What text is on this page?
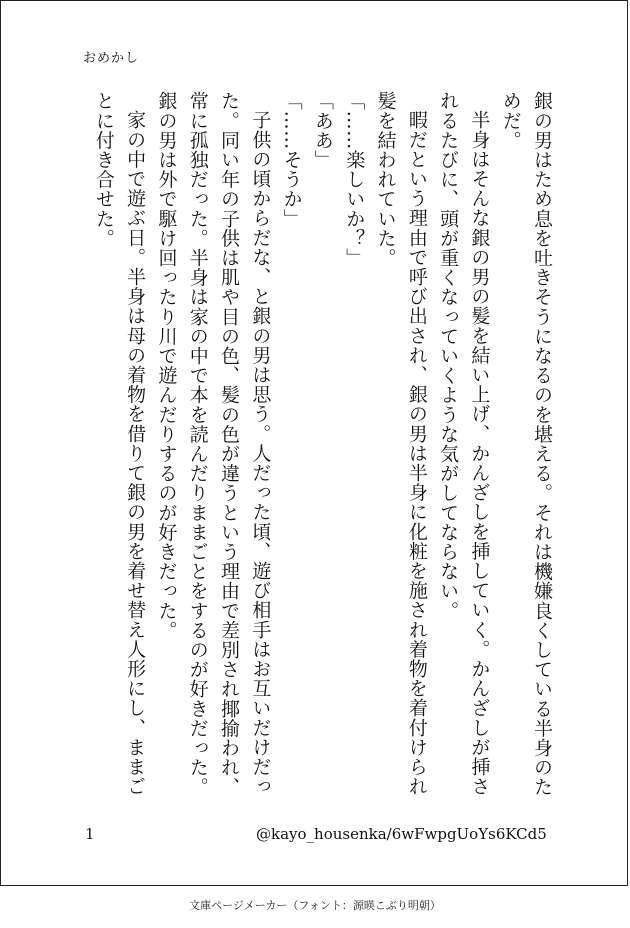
おめかし

銀の男はため息を吐きそうになるのを堪える。それは機嫌良くしている半身のためだ。

半身はそんな銀の男の髪を結い上げ、かんざしを挿していく。かんざしが挿されるたびに、頭が重くなっていくような気がしてならない。

暇だという理由で呼び出され、銀の男は半身に化粧を施され着物を着付けられ髪を結われていた。

「……楽しいか？」

「ああ」

「……そうか」

子供の頃からだな、と銀の男は思う。人だった頃、遊び相手はお互いだけだった。同い年の子供は肌や目の色、髪の色が違うという理由で差別され揶揄われ、常に孤独だった。半身は家の中で本を読んだりままごとをするのが好きだった。銀の男は外で駆け回ったり川で遊んだりするのが好きだった。

家の中で遊ぶ日。半身は母の着物を借りて銀の男を着せ替え人形にし、ままごとに付き合せた。

1	@kayo_housenka/6wFwpgUoYs6KCd5
文庫ページメーカー（フォント：源暎こぶり明朝）
